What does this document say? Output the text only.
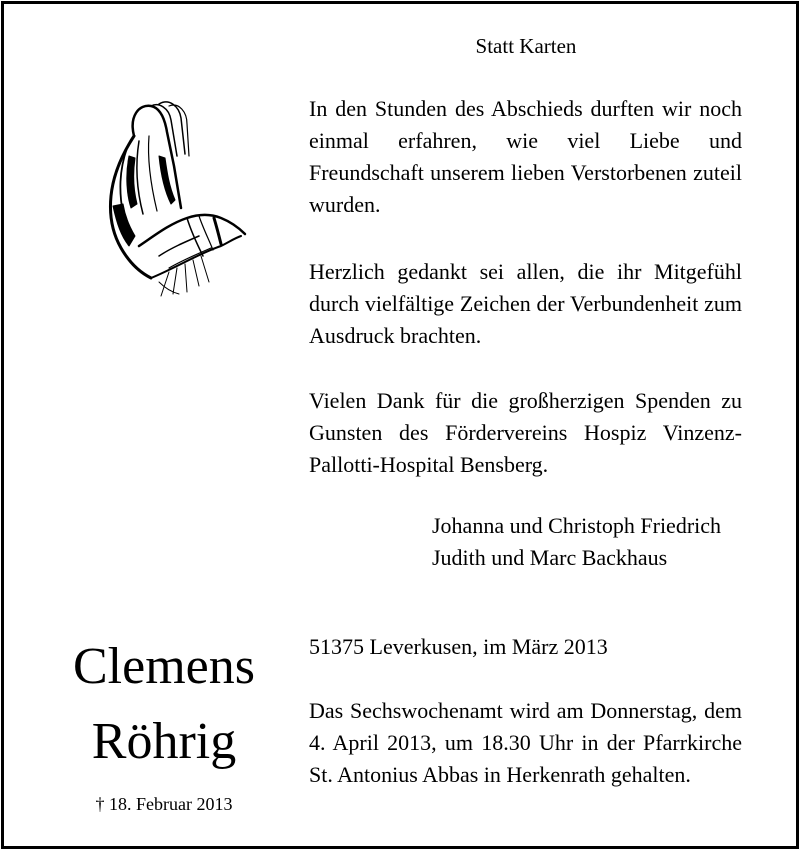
Statt Karten

In den Stunden des Abschieds durften wir noch einmal erfahren, wie viel Liebe und Freundschaft unserem lieben Verstorbenen zuteil wurden.

Herzlich gedankt sei allen, die ihr Mitgefühl durch vielfältige Zeichen der Verbundenheit zum Ausdruck brachten.

Vielen Dank für die großherzigen Spenden zu Gunsten des Fördervereins Hospiz Vinzenz-Pallotti-Hospital Bensberg.

Johanna und Christoph Friedrich
Judith und Marc Backhaus
51375 Leverkusen, im März 2013

Das Sechswochenamt wird am Donnerstag, dem 4. April 2013, um 18.30 Uhr in der Pfarrkirche St. Antonius Abbas in Herkenrath gehalten.

Clemens
Röhrig
† 18. Februar 2013
